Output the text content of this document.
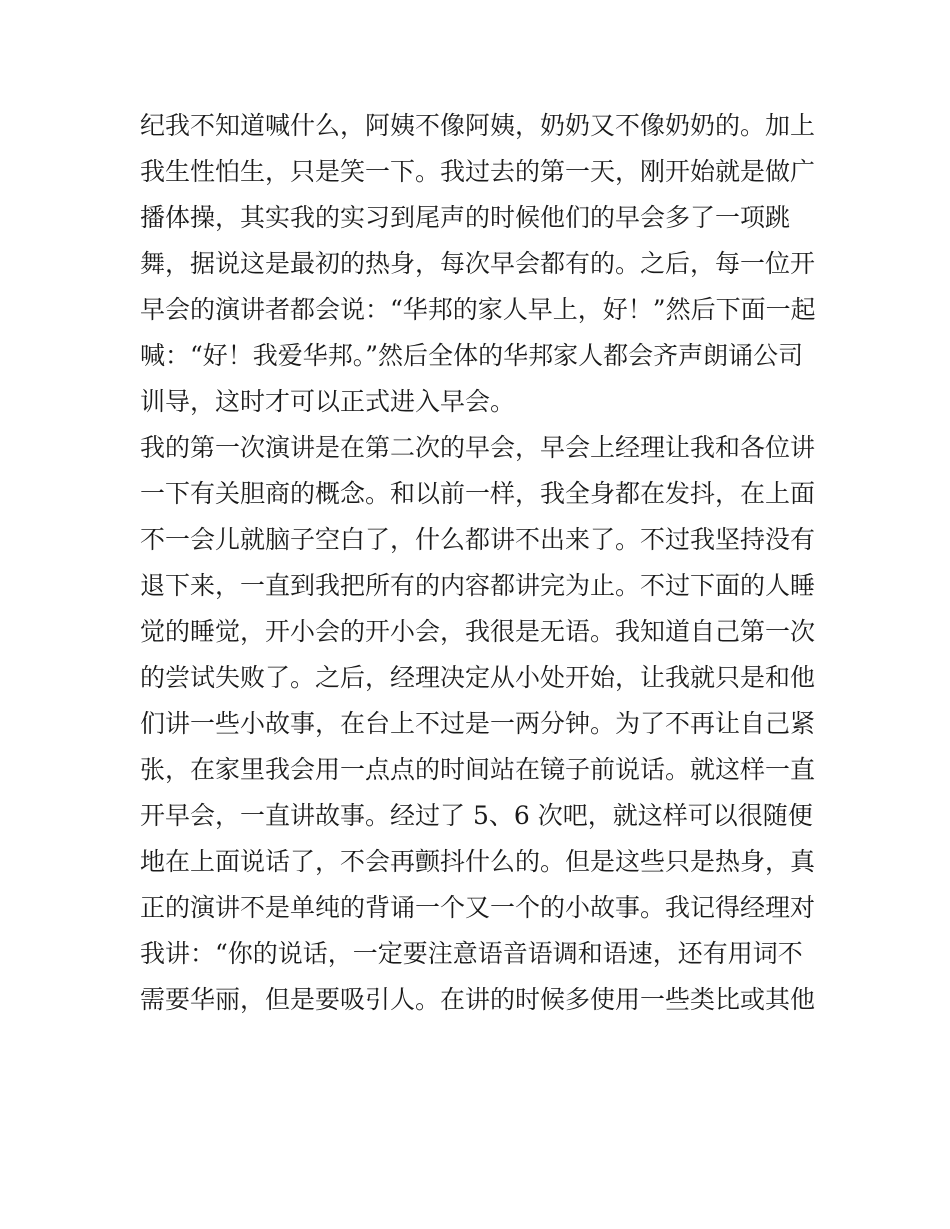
纪我不知道喊什么，阿姨不像阿姨，奶奶又不像奶奶的。加上
我生性怕生，只是笑一下。我过去的第一天，刚开始就是做广
播体操，其实我的实习到尾声的时候他们的早会多了一项跳
舞，据说这是最初的热身，每次早会都有的。之后，每一位开
早会的演讲者都会说：“华邦的家人早上，好！”然后下面一起
喊：“好！我爱华邦。”然后全体的华邦家人都会齐声朗诵公司
训导，这时才可以正式进入早会。
我的第一次演讲是在第二次的早会，早会上经理让我和各位讲
一下有关胆商的概念。和以前一样，我全身都在发抖，在上面
不一会儿就脑子空白了，什么都讲不出来了。不过我坚持没有
退下来，一直到我把所有的内容都讲完为止。不过下面的人睡
觉的睡觉，开小会的开小会，我很是无语。我知道自己第一次
的尝试失败了。之后，经理决定从小处开始，让我就只是和他
们讲一些小故事，在台上不过是一两分钟。为了不再让自己紧
张，在家里我会用一点点的时间站在镜子前说话。就这样一直
开早会，一直讲故事。经过了 5、6 次吧，就这样可以很随便
地在上面说话了，不会再颤抖什么的。但是这些只是热身，真
正的演讲不是单纯的背诵一个又一个的小故事。我记得经理对
我讲：“你的说话，一定要注意语音语调和语速，还有用词不
需要华丽，但是要吸引人。在讲的时候多使用一些类比或其他
